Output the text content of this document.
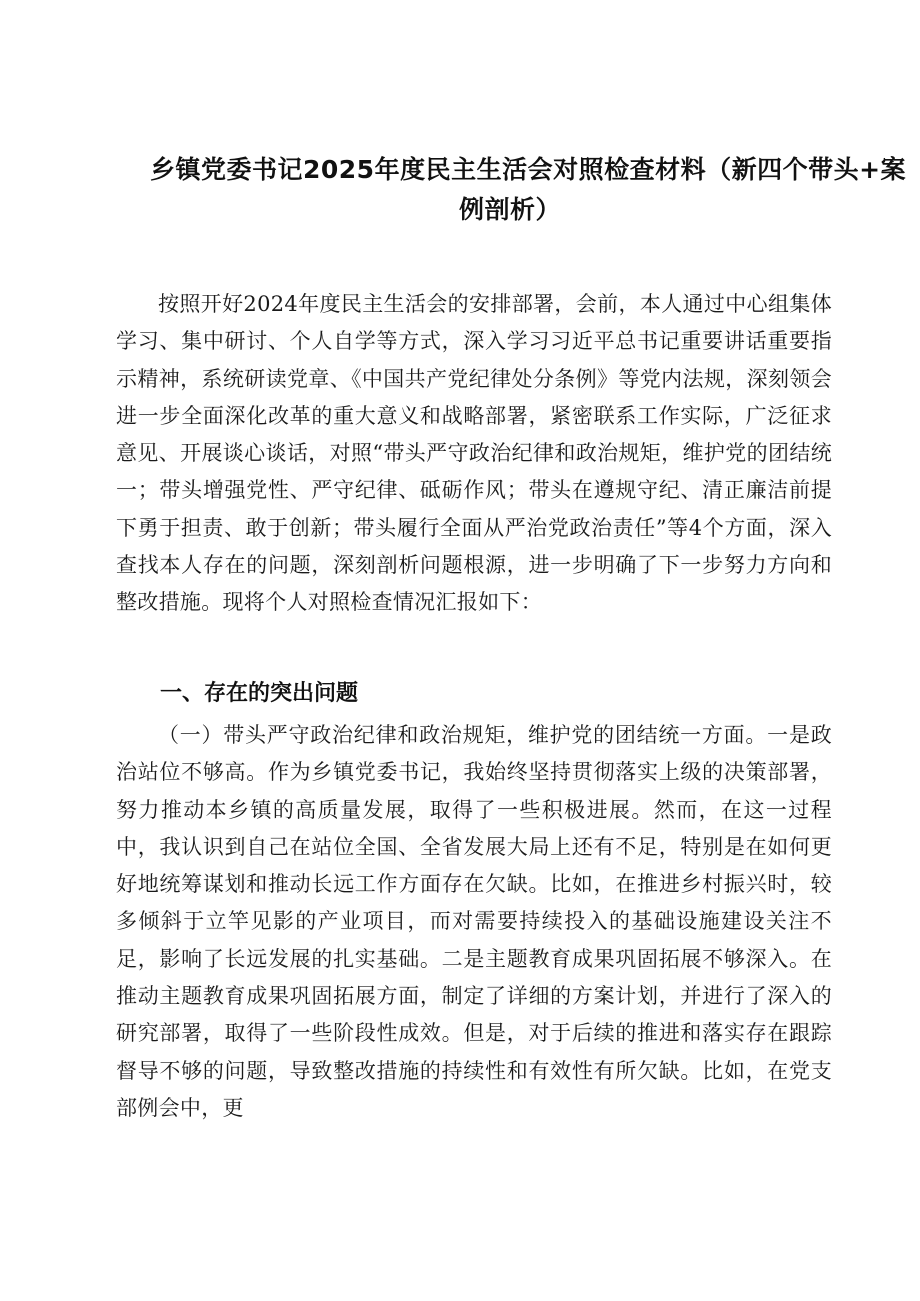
乡镇党委书记2025年度民主生活会对照检查材料（新四个带头+案
例剖析）

按照开好2024年度民主生活会的安排部署，会前，本人通过中心组集体学习、集中研讨、个人自学等方式，深入学习习近平总书记重要讲话重要指示精神，系统研读党章、《中国共产党纪律处分条例》等党内法规，深刻领会进一步全面深化改革的重大意义和战略部署，紧密联系工作实际，广泛征求意见、开展谈心谈话，对照“带头严守政治纪律和政治规矩，维护党的团结统一；带头增强党性、严守纪律、砥砺作风；带头在遵规守纪、清正廉洁前提下勇于担责、敢于创新；带头履行全面从严治党政治责任”等4个方面，深入查找本人存在的问题，深刻剖析问题根源，进一步明确了下一步努力方向和整改措施。现将个人对照检查情况汇报如下：

一、存在的突出问题

（一）带头严守政治纪律和政治规矩，维护党的团结统一方面。一是政治站位不够高。作为乡镇党委书记，我始终坚持贯彻落实上级的决策部署，努力推动本乡镇的高质量发展，取得了一些积极进展。然而，在这一过程中，我认识到自己在站位全国、全省发展大局上还有不足，特别是在如何更好地统筹谋划和推动长远工作方面存在欠缺。比如，在推进乡村振兴时，较多倾斜于立竿见影的产业项目，而对需要持续投入的基础设施建设关注不足，影响了长远发展的扎实基础。二是主题教育成果巩固拓展不够深入。在推动主题教育成果巩固拓展方面，制定了详细的方案计划，并进行了深入的研究部署，取得了一些阶段性成效。但是，对于后续的推进和落实存在跟踪督导不够的问题，导致整改措施的持续性和有效性有所欠缺。比如，在党支部例会中，更
